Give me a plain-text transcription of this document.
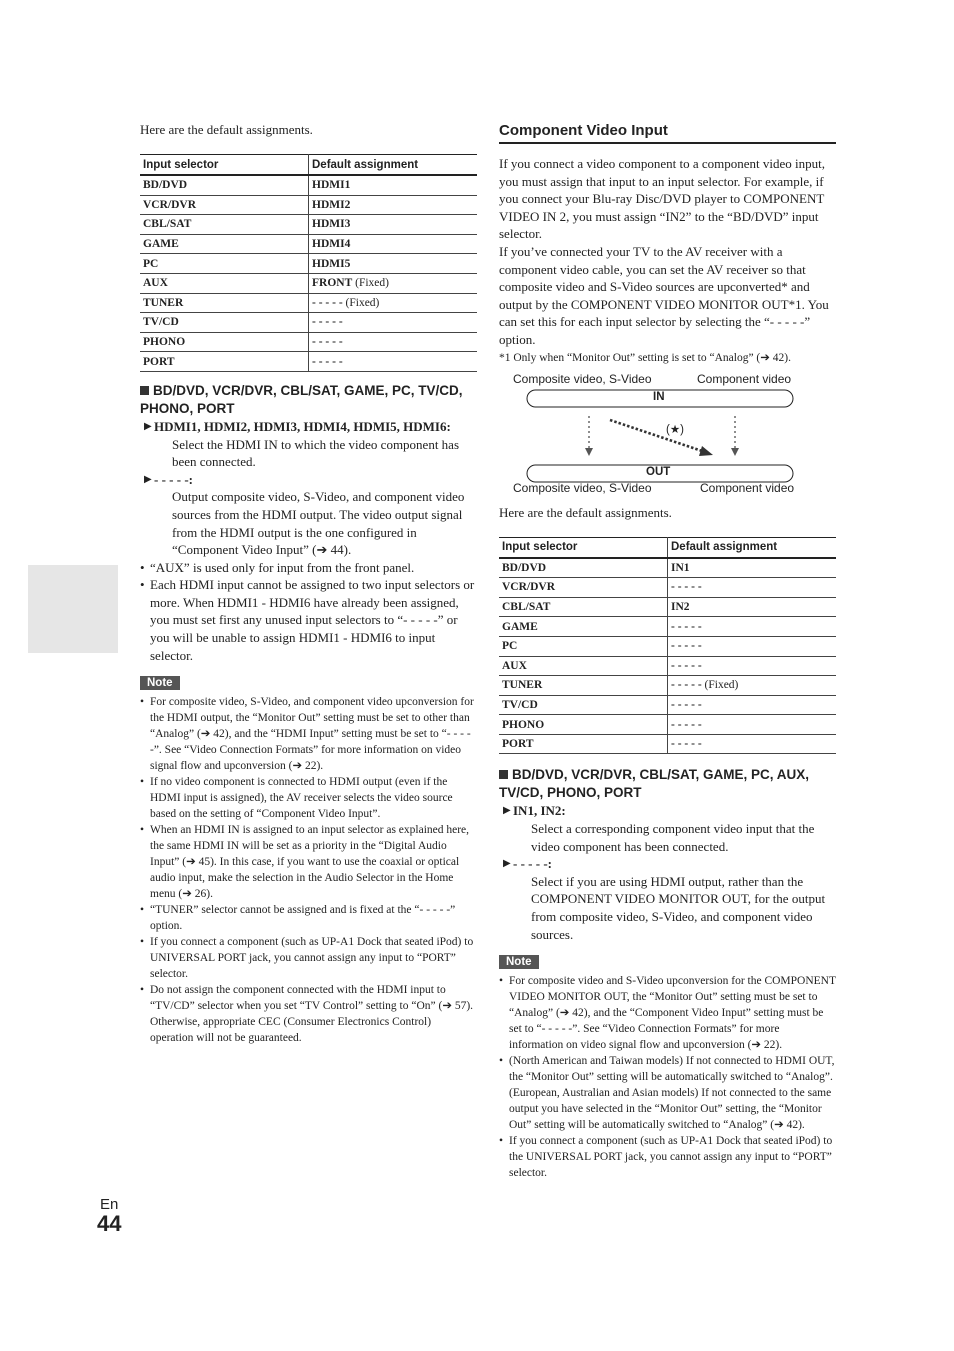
En
44

Here are the default assignments.

Input selector	Default assignment
BD/DVD	HDMI1
VCR/DVR	HDMI2
CBL/SAT	HDMI3
GAME	HDMI4
PC	HDMI5
AUX	FRONT (Fixed)
TUNER	- - - - - (Fixed)
TV/CD	- - - - -
PHONO	- - - - -
PORT	- - - - -
BD/DVD, VCR/DVR, CBL/SAT, GAME, PC, TV/CD, PHONO, PORT
▶ HDMI1, HDMI2, HDMI3, HDMI4, HDMI5, HDMI6:

Select the HDMI IN to which the video component has been connected.

▶ - - - - -:

Output composite video, S-Video, and component video sources from the HDMI output. The video output signal from the HDMI output is the one configured in “Component Video Input” (➔ 44).

• “AUX” is used only for input from the front panel.

• Each HDMI input cannot be assigned to two input selectors or more. When HDMI1 - HDMI6 have already been assigned, you must set first any unused input selectors to “- - - - -” or you will be unable to assign HDMI1 - HDMI6 to input selector.

Note

• For composite video, S-Video, and component video upconversion for the HDMI output, the “Monitor Out” setting must be set to other than “Analog” (➔ 42), and the “HDMI Input” setting must be set to “- - - - -”. See “Video Connection Formats” for more information on video signal flow and upconversion (➔ 22).

• If no video component is connected to HDMI output (even if the HDMI input is assigned), the AV receiver selects the video source based on the setting of “Component Video Input”.

• When an HDMI IN is assigned to an input selector as explained here, the same HDMI IN will be set as a priority in the “Digital Audio Input” (➔ 45). In this case, if you want to use the coaxial or optical audio input, make the selection in the Audio Selector in the Home menu (➔ 26).

• “TUNER” selector cannot be assigned and is fixed at the “- - - - -” option.

• If you connect a component (such as UP-A1 Dock that seated iPod) to UNIVERSAL PORT jack, you cannot assign any input to “PORT” selector.

• Do not assign the component connected with the HDMI input to “TV/CD” selector when you set “TV Control” setting to “On” (➔ 57). Otherwise, appropriate CEC (Consumer Electronics Control) operation will not be guaranteed.

Component Video Input

If you connect a video component to a component video input, you must assign that input to an input selector. For example, if you connect your Blu-ray Disc/DVD player to COMPONENT VIDEO IN 2, you must assign “IN2” to the “BD/DVD” input selector.

If you’ve connected your TV to the AV receiver with a component video cable, you can set the AV receiver so that composite video and S-Video sources are upconverted* and output by the COMPONENT VIDEO MONITOR OUT*1. You can set this for each input selector by selecting the “- - - - -” option.

*1 Only when “Monitor Out” setting is set to “Analog” (➔ 42).

Composite video, S-Video	Component video
IN
(★)
OUT
Composite video, S-Video	Component video

Here are the default assignments.

Input selector	Default assignment
BD/DVD	IN1
VCR/DVR	- - - - -
CBL/SAT	IN2
GAME	- - - - -
PC	- - - - -
AUX	- - - - -
TUNER	- - - - - (Fixed)
TV/CD	- - - - -
PHONO	- - - - -
PORT	- - - - -
BD/DVD, VCR/DVR, CBL/SAT, GAME, PC, AUX, TV/CD, PHONO, PORT
▶ IN1, IN2:

Select a corresponding component video input that the video component has been connected.

▶ - - - - -:

Select if you are using HDMI output, rather than the COMPONENT VIDEO MONITOR OUT, for the output from composite video, S-Video, and component video sources.

Note

• For composite video and S-Video upconversion for the COMPONENT VIDEO MONITOR OUT, the “Monitor Out” setting must be set to “Analog” (➔ 42), and the “Component Video Input” setting must be set to “- - - - -”. See “Video Connection Formats” for more information on video signal flow and upconversion (➔ 22).

• (North American and Taiwan models) If not connected to HDMI OUT, the “Monitor Out” setting will be automatically switched to “Analog”. (European, Australian and Asian models) If not connected to the same output you have selected in the “Monitor Out” setting, the “Monitor Out” setting will be automatically switched to “Analog” (➔ 42).

• If you connect a component (such as UP-A1 Dock that seated iPod) to the UNIVERSAL PORT jack, you cannot assign any input to “PORT” selector.
